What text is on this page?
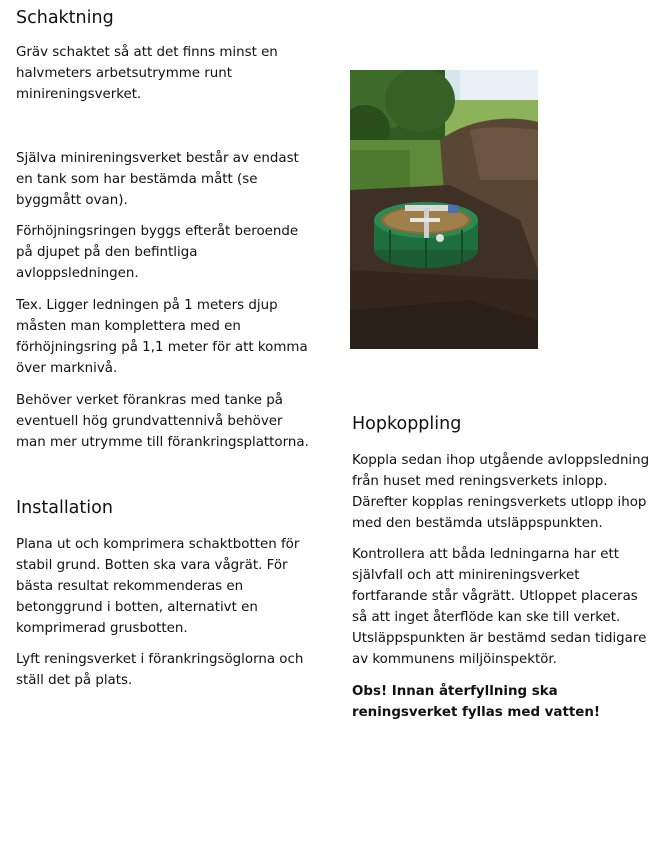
Schaktning

Gräv schaktet så att det finns minst en halvmeters arbetsutrymme runt minireningsverket.

Själva minireningsverket består av endast en tank som har bestämda mått (se byggmått ovan).

Förhöjningsringen byggs efteråt beroende på djupet på den befintliga avloppsledningen.

Tex. Ligger ledningen på 1 meters djup måsten man komplettera med en förhöjningsring på 1,1 meter för att komma över marknivå.

Behöver verket förankras med tanke på eventuell hög grundvattennivå behöver man mer utrymme till förankringsplattorna.

Installation

Plana ut och komprimera schaktbotten för stabil grund. Botten ska vara vågrät. För bästa resultat rekommenderas en betonggrund i botten, alternativt en komprimerad grusbotten.

Lyft reningsverket i förankringsöglorna och ställ det på plats.

Hopkoppling

Koppla sedan ihop utgående avloppsledning från huset med reningsverkets inlopp. Därefter kopplas reningsverkets utlopp ihop med den bestämda utsläppspunkten.

Kontrollera att båda ledningarna har ett självfall och att minireningsverket fortfarande står vågrätt. Utloppet placeras så att inget återflöde kan ske till verket. Utsläppspunkten är bestämd sedan tidigare av kommunens miljöinspektör.

Obs! Innan återfyllning ska reningsverket fyllas med vatten!
